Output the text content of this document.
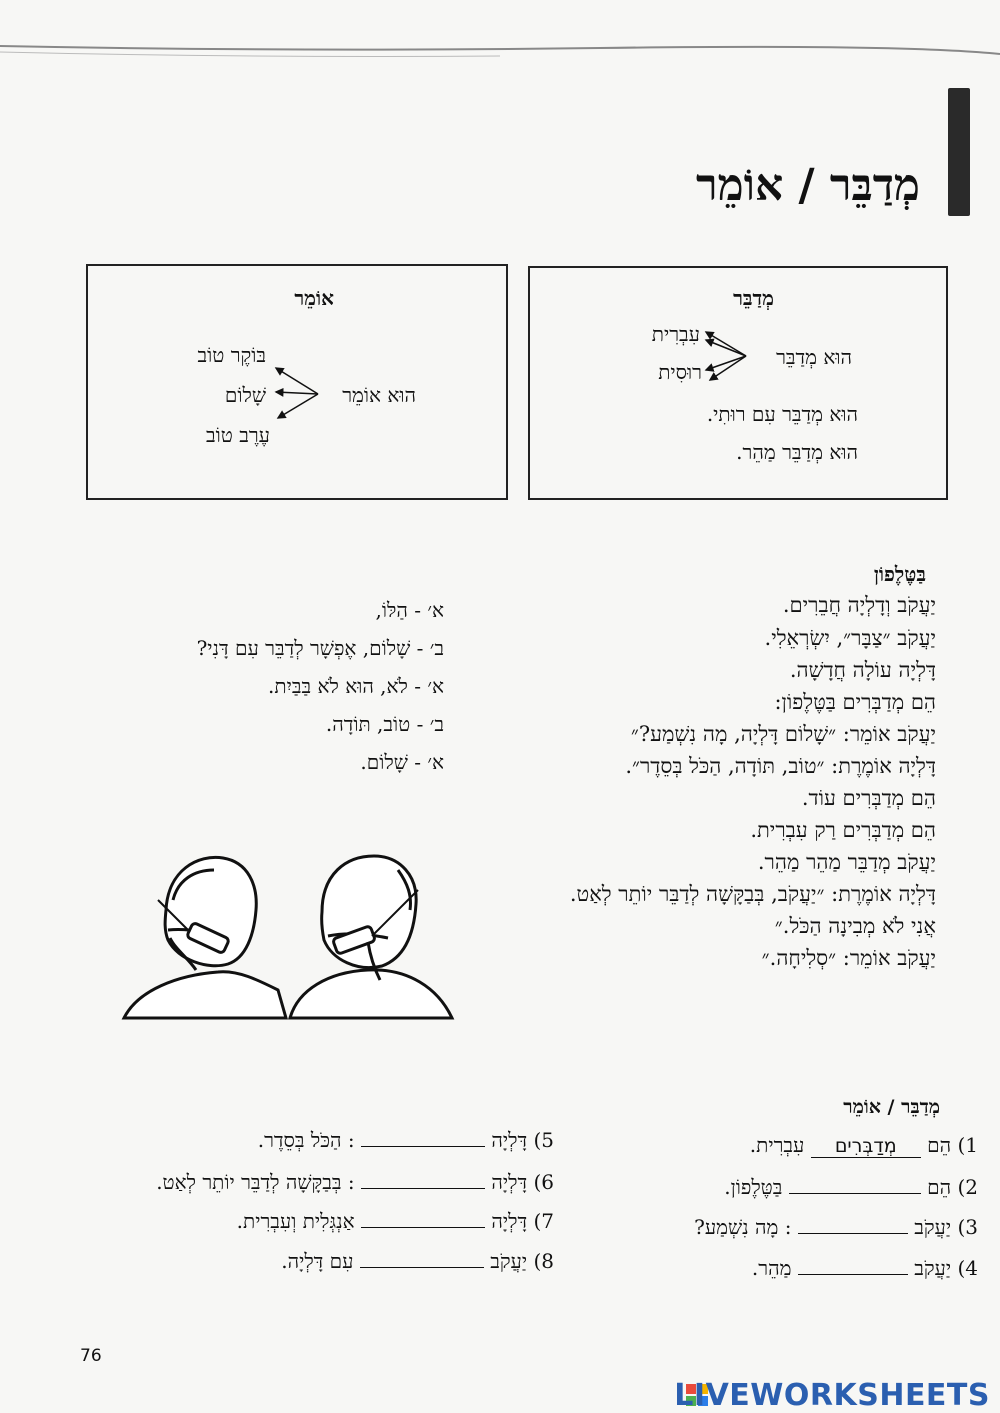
מְדַבֵּר / אוֹמֵר
מְדַבֵּר
הוּא מְדַבֵּר
עִבְרִית
רוּסִית
הוּא מְדַבֵּר עִם רוּתִי.
הוּא מְדַבֵּר מַהֵר.
אוֹמֵר
הוּא אוֹמֵר
בּוֹקֶר טוֹב
שָׁלוֹם
עֶרֶב טוֹב
בַּטֶּלֶפוֹן
יַעֲקֹב וְדָלְיָה חֲבֵרִים.
יַעֲקֹב ״צַבָּר״, יִשְׂרְאֵלִי.
דָּלְיָה עוֹלָה חֲדָשָׁה.
הֵם מְדַבְּרִים בַּטֶּלֶפוֹן:
יַעֲקֹב אוֹמֵר: ״שָׁלוֹם דָּלְיָה, מָה נִשְׁמַע?״
דָּלְיָה אוֹמֶרֶת: ״טוֹב, תּוֹדָה, הַכֹּל בְּסֵדֶר״.
הֵם מְדַבְּרִים עוֹד.
הֵם מְדַבְּרִים רַק עִבְרִית.
יַעֲקֹב מְדַבֵּר מַהֵר מַהֵר.
דָּלְיָה אוֹמֶרֶת: ״יַעֲקֹב, בְּבַקָּשָׁה לְדַבֵּר יוֹתֵר לְאַט.
אֲנִי לֹא מְבִינָה הַכֹּל.״
יַעֲקֹב אוֹמֵר: ״סְלִיחָה.״
א׳ - הַלּוֹ,
ב׳ - שָׁלוֹם, אֶפְשָׁר לְדַבֵּר עִם דָּנִי?
א׳ - לֹא, הוּא לֹא בַּבַּיִת.
ב׳ - טוֹב, תּוֹדָה.
א׳ - שָׁלוֹם.
מְדַבֵּר / אוֹמֵר
1) הֵם מְדַבְּרִים עִבְרִית.
2) הֵם  בַּטֶּלֶפוֹן.
3) יַעֲקֹב  : מָה נִשְׁמַע?
4) יַעֲקֹב  מַהֵר.
5) דָּלְיָה  : הַכֹּל בְּסֵדֶר.
6) דָּלְיָה  : בְּבַקָּשָׁה לְדַבֵּר יוֹתֵר לְאַט.
7) דָּלְיָה  אַנְגְּלִית וְעִבְרִית.
8) יַעֲקֹב  עִם דָּלְיָה.
76
LIVEWORKSHEETS
